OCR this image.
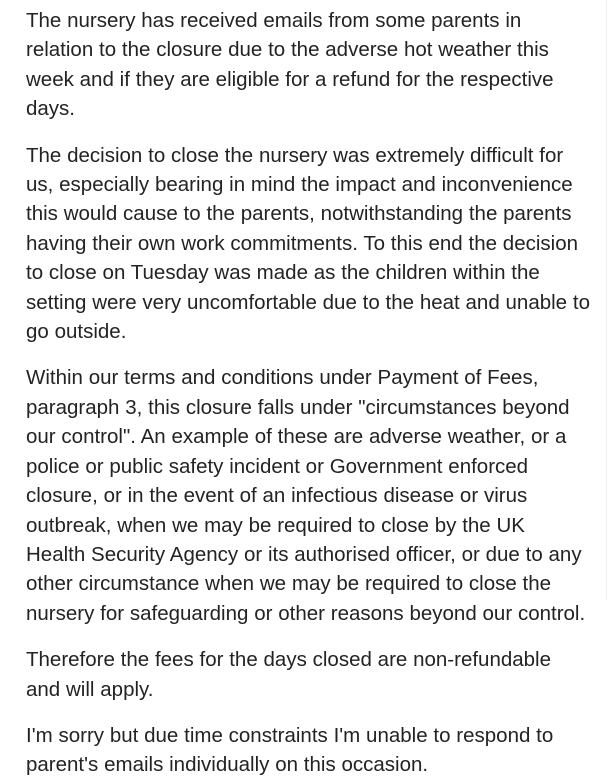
The nursery has received emails from some parents in relation to the closure due to the adverse hot weather this week and if they are eligible for a refund for the respective days.

The decision to close the nursery was extremely difficult for us, especially bearing in mind the impact and inconvenience this would cause to the parents, notwithstanding the parents having their own work commitments. To this end the decision to close on Tuesday was made as the children within the setting were very uncomfortable due to the heat and unable to go outside.

Within our terms and conditions under Payment of Fees, paragraph 3, this closure falls under "circumstances beyond our control". An example of these are adverse weather, or a police or public safety incident or Government enforced closure, or in the event of an infectious disease or virus outbreak, when we may be required to close by the UK Health Security Agency or its authorised officer, or due to any other circumstance when we may be required to close the nursery for safeguarding or other reasons beyond our control.

Therefore the fees for the days closed are non-refundable and will apply.

I'm sorry but due time constraints I'm unable to respond to parent's emails individually on this occasion.
